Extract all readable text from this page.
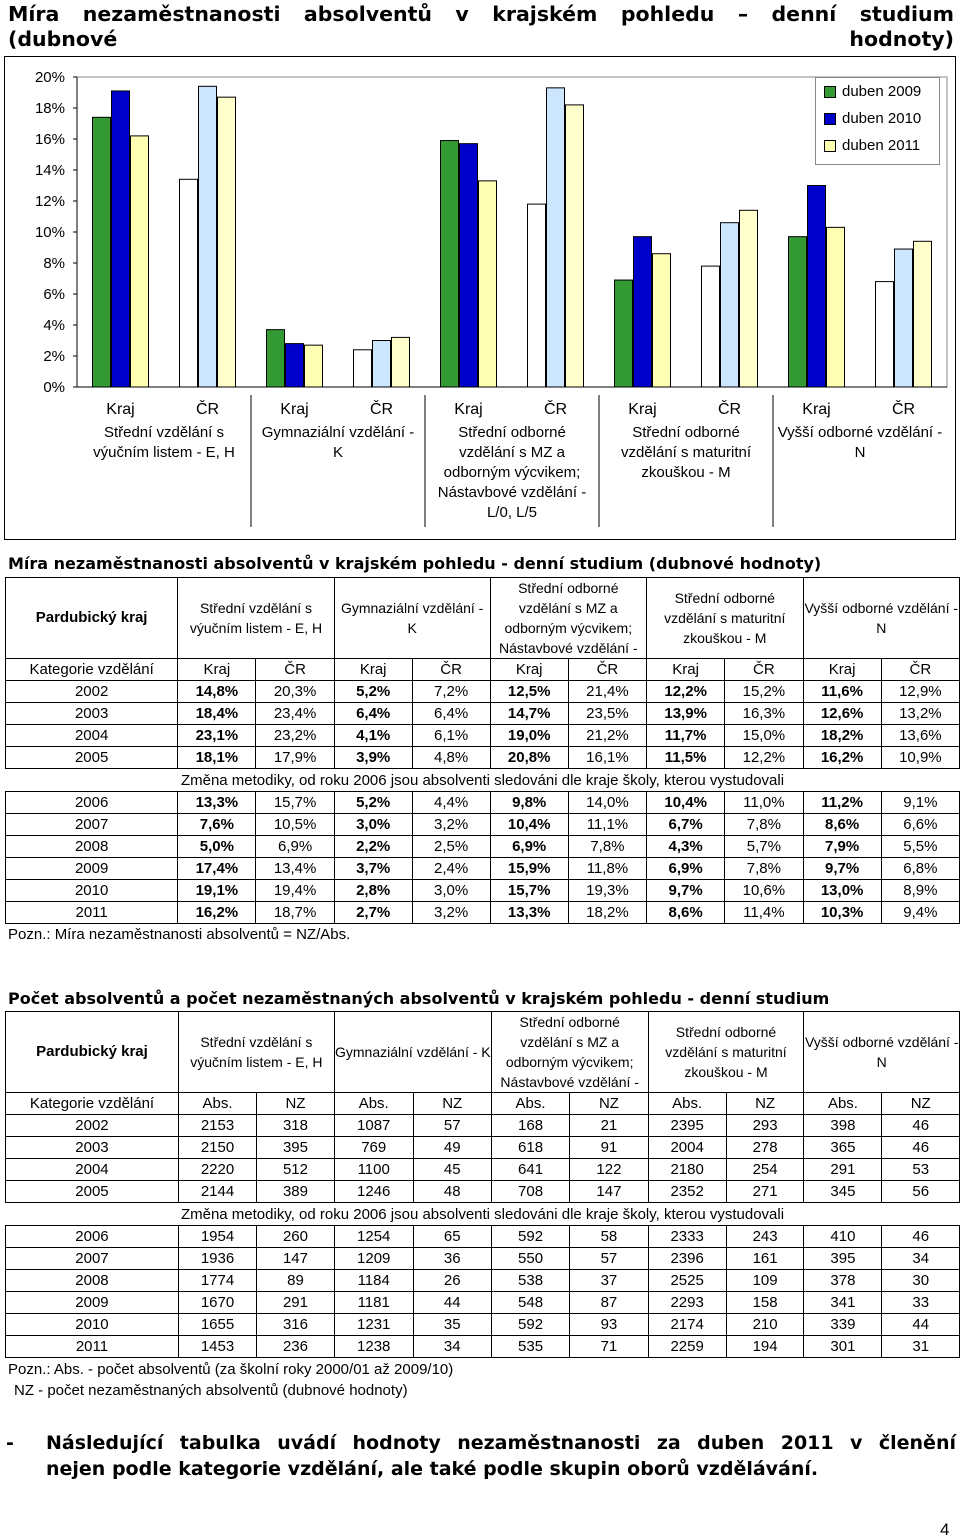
Míra nezaměstnanosti absolventů v krajském pohledu – denní studium
(dubnové hodnoty)
0%
2%
4%
6%
8%
10%
12%
14%
16%
18%
20%
Kraj	ČR
Střední vzdělání s
výučním listem - E, H
Kraj	ČR
Gymnaziální vzdělání -
K
Kraj	ČR
Střední odborné
vzdělání s MZ a
odborným výcvikem;
Nástavbové vzdělání -
L/0, L/5
Kraj	ČR
Střední odborné
vzdělání s maturitní
zkouškou - M
Kraj	ČR
Vyšší odborné vzdělání -
N
duben 2009
duben 2010
duben 2011

Míra nezaměstnanosti absolventů v krajském pohledu - denní studium (dubnové hodnoty)

Pardubický kraj	Střední vzdělání s výučním listem - E, H		Gymnaziální vzdělání - K		Střední odborné vzdělání s MZ a odborným výcvikem; Nástavbové vzdělání -		Střední odborné vzdělání s maturitní zkouškou - M		Vyšší odborné vzdělání - N	
Kategorie vzdělání	Kraj	ČR	Kraj	ČR	Kraj	ČR	Kraj	ČR	Kraj	ČR
2002	14,8%	20,3%	5,2%	7,2%	12,5%	21,4%	12,2%	15,2%	11,6%	12,9%
2003	18,4%	23,4%	6,4%	6,4%	14,7%	23,5%	13,9%	16,3%	12,6%	13,2%
2004	23,1%	23,2%	4,1%	6,1%	19,0%	21,2%	11,7%	15,0%	18,2%	13,6%
2005	18,1%	17,9%	3,9%	4,8%	20,8%	16,1%	11,5%	12,2%	16,2%	10,9%
Změna metodiky, od roku 2006 jsou absolventi sledováni dle kraje školy, kterou vystudovali										
2006	13,3%	15,7%	5,2%	4,4%	9,8%	14,0%	10,4%	11,0%	11,2%	9,1%
2007	7,6%	10,5%	3,0%	3,2%	10,4%	11,1%	6,7%	7,8%	8,6%	6,6%
2008	5,0%	6,9%	2,2%	2,5%	6,9%	7,8%	4,3%	5,7%	7,9%	5,5%
2009	17,4%	13,4%	3,7%	2,4%	15,9%	11,8%	6,9%	7,8%	9,7%	6,8%
2010	19,1%	19,4%	2,8%	3,0%	15,7%	19,3%	9,7%	10,6%	13,0%	8,9%
2011	16,2%	18,7%	2,7%	3,2%	13,3%	18,2%	8,6%	11,4%	10,3%	9,4%

Pozn.: Míra nezaměstnanosti absolventů = NZ/Abs.

Počet absolventů a počet nezaměstnaných absolventů v krajském pohledu - denní studium

Pardubický kraj	Střední vzdělání s výučním listem - E, H		Gymnaziální vzdělání - K		Střední odborné vzdělání s MZ a odborným výcvikem; Nástavbové vzdělání -		Střední odborné vzdělání s maturitní zkouškou - M		Vyšší odborné vzdělání - N	
Kategorie vzdělání	Abs.	NZ	Abs.	NZ	Abs.	NZ	Abs.	NZ	Abs.	NZ
2002	2153	318	1087	57	168	21	2395	293	398	46
2003	2150	395	769	49	618	91	2004	278	365	46
2004	2220	512	1100	45	641	122	2180	254	291	53
2005	2144	389	1246	48	708	147	2352	271	345	56
Změna metodiky, od roku 2006 jsou absolventi sledováni dle kraje školy, kterou vystudovali										
2006	1954	260	1254	65	592	58	2333	243	410	46
2007	1936	147	1209	36	550	57	2396	161	395	34
2008	1774	89	1184	26	538	37	2525	109	378	30
2009	1670	291	1181	44	548	87	2293	158	341	33
2010	1655	316	1231	35	592	93	2174	210	339	44
2011	1453	236	1238	34	535	71	2259	194	301	31

Pozn.: Abs. - počet absolventů (za školní roky 2000/01 až 2009/10)

NZ - počet nezaměstnaných absolventů (dubnové hodnoty)

- Následující tabulka uvádí hodnoty nezaměstnanosti za duben 2011 v členění
nejen podle kategorie vzdělání, ale také podle skupin oborů vzdělávání.
4
